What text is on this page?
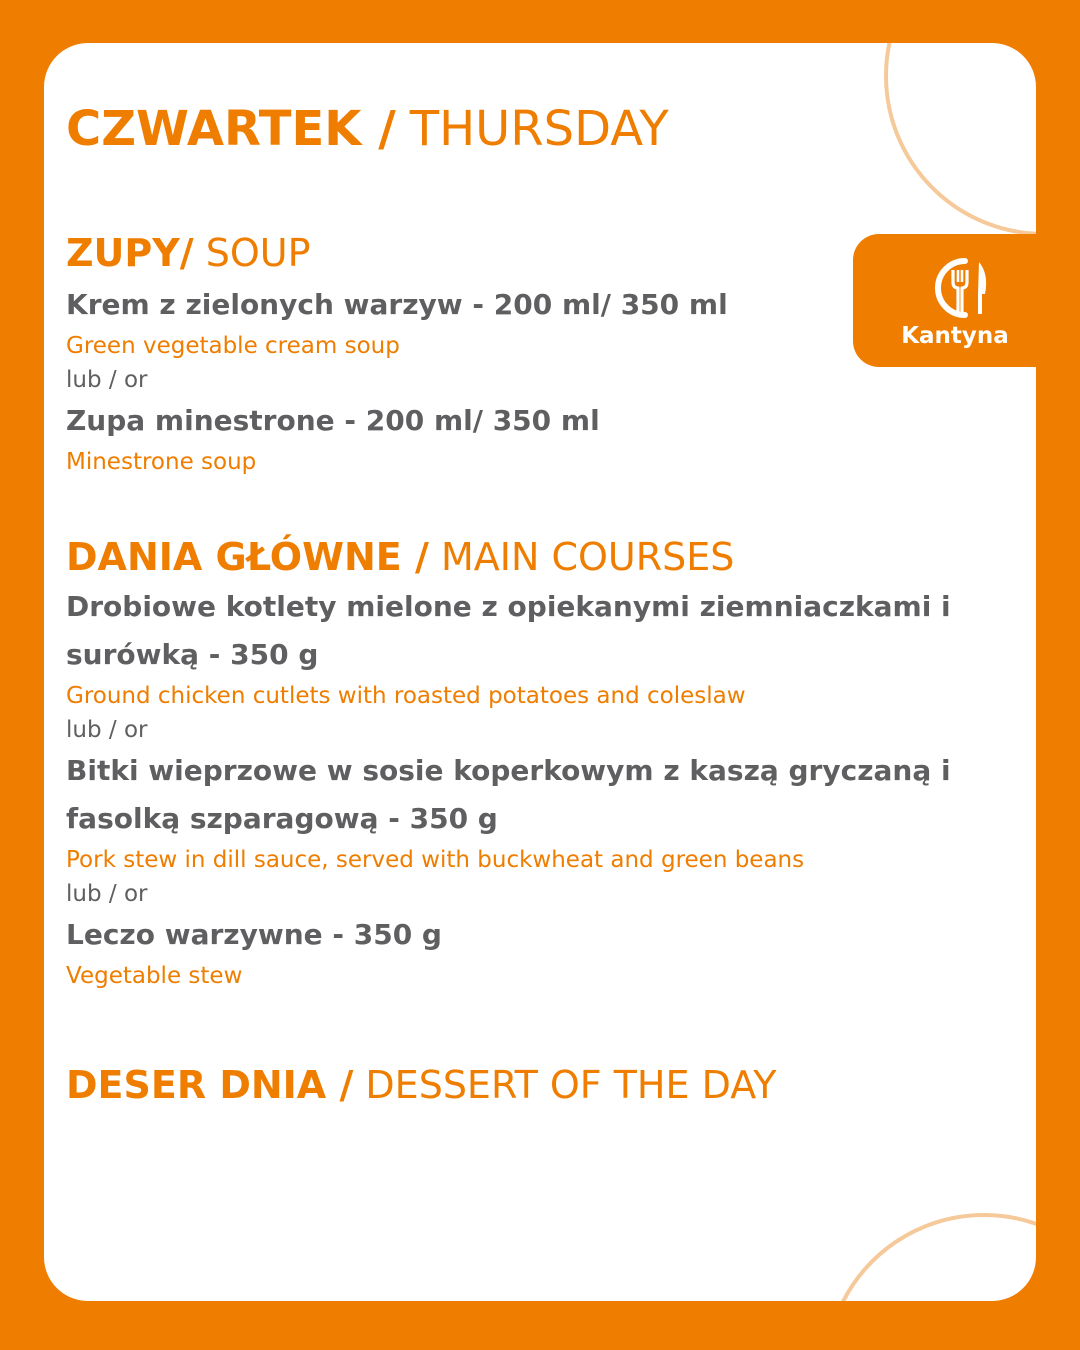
CZWARTEK / THURSDAY
ZUPY/ SOUP
Krem z zielonych warzyw - 200 ml/ 350 ml
Green vegetable cream soup
lub / or
Zupa minestrone - 200 ml/ 350 ml
Minestrone soup
DANIA GŁÓWNE / MAIN COURSES
Drobiowe kotlety mielone z opiekanymi ziemniaczkami i surówką - 350 g
Ground chicken cutlets with roasted potatoes and coleslaw
lub / or
Bitki wieprzowe w sosie koperkowym z kaszą gryczaną i fasolką szparagową - 350 g
Pork stew in dill sauce, served with buckwheat and green beans
lub / or
Leczo warzywne - 350 g
Vegetable stew
DESER DNIA / DESSERT OF THE DAY
Kantyna
